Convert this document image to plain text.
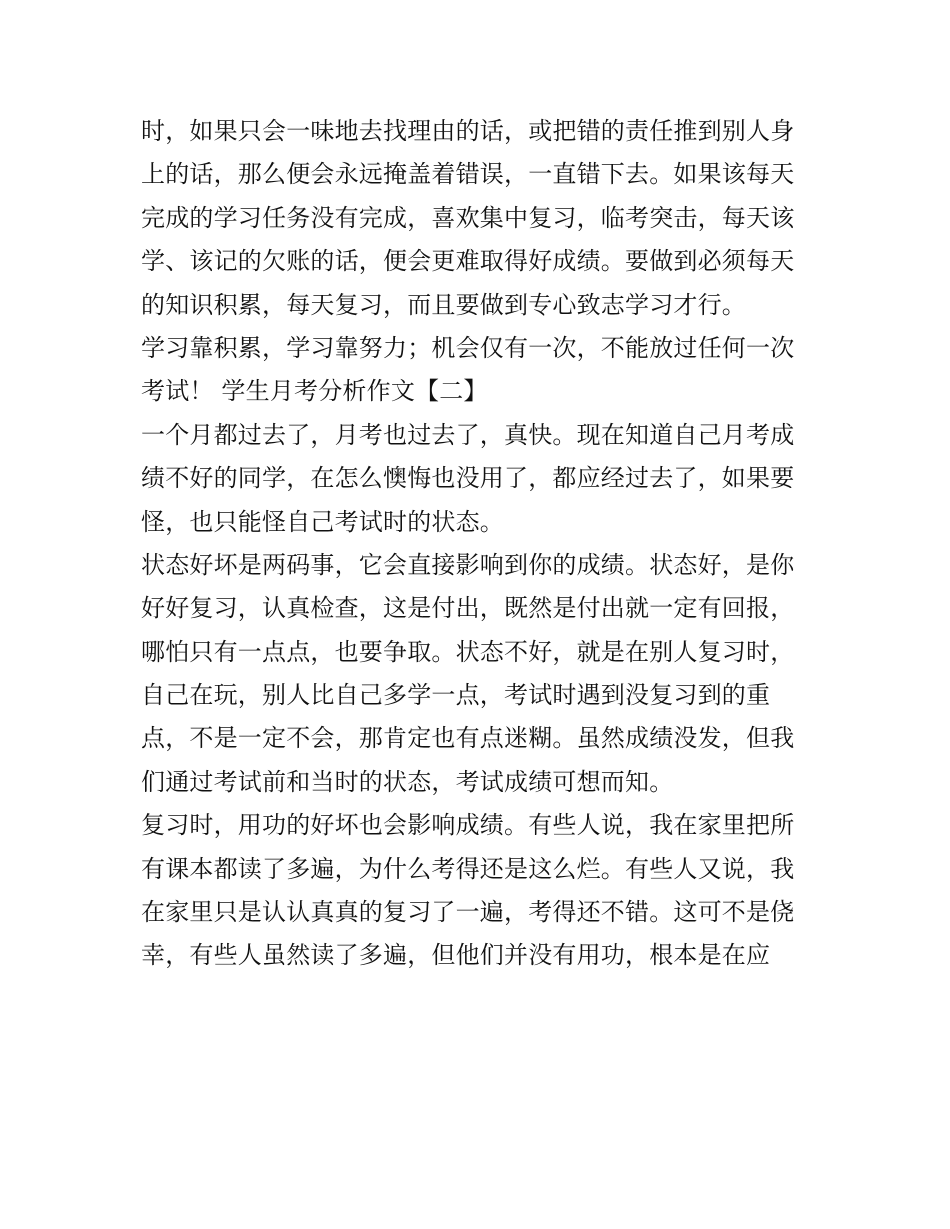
时，如果只会一味地去找理由的话，或把错的责任推到别人身
上的话，那么便会永远掩盖着错误，一直错下去。如果该每天
完成的学习任务没有完成，喜欢集中复习，临考突击，每天该
学、该记的欠账的话，便会更难取得好成绩。要做到必须每天
的知识积累，每天复习，而且要做到专心致志学习才行。
学习靠积累，学习靠努力；机会仅有一次，不能放过任何一次
考试！ 学生月考分析作文【二】
一个月都过去了，月考也过去了，真快。现在知道自己月考成
绩不好的同学，在怎么懊悔也没用了，都应经过去了，如果要
怪，也只能怪自己考试时的状态。
状态好坏是两码事，它会直接影响到你的成绩。状态好，是你
好好复习，认真检查，这是付出，既然是付出就一定有回报，
哪怕只有一点点，也要争取。状态不好，就是在别人复习时，
自己在玩，别人比自己多学一点，考试时遇到没复习到的重
点，不是一定不会，那肯定也有点迷糊。虽然成绩没发，但我
们通过考试前和当时的状态，考试成绩可想而知。
复习时，用功的好坏也会影响成绩。有些人说，我在家里把所
有课本都读了多遍，为什么考得还是这么烂。有些人又说，我
在家里只是认认真真的复习了一遍，考得还不错。这可不是侥
幸，有些人虽然读了多遍，但他们并没有用功，根本是在应
